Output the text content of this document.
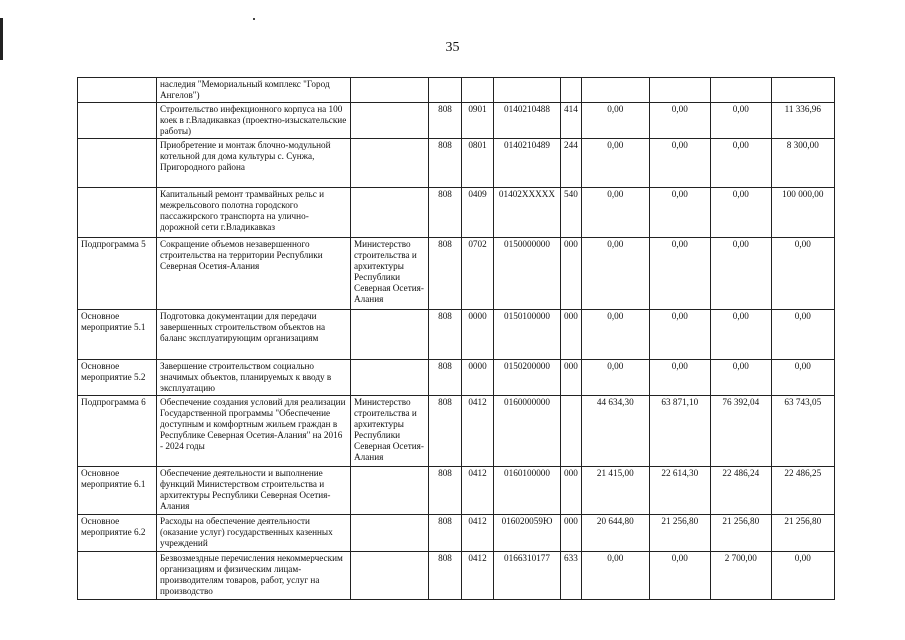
35
	наследия "Мемориальный комплекс "Город Ангелов")									
	Строительство инфекционного корпуса на 100 коек в г.Владикавказ (проектно-изыскательские работы)		808	0901	0140210488	414	0,00	0,00	0,00	11 336,96
	Приобретение и монтаж блочно-модульной котельной для дома культуры с. Сунжа, Пригородного района		808	0801	0140210489	244	0,00	0,00	0,00	8 300,00
	Капитальный ремонт трамвайных рельс и межрельсового полотна городского пассажирского транспорта на улично-дорожной сети г.Владикавказ		808	0409	01402XXXXX	540	0,00	0,00	0,00	100 000,00
Подпрограмма 5	Сокращение объемов незавершенного строительства на территории Республики Северная Осетия-Алания	Министерство строительства и архитектуры Республики Северная Осетия-Алания	808	0702	0150000000	000	0,00	0,00	0,00	0,00
Основное мероприятие 5.1	Подготовка документации для передачи завершенных строительством объектов на баланс эксплуатирующим организациям		808	0000	0150100000	000	0,00	0,00	0,00	0,00
Основное мероприятие 5.2	Завершение строительством социально значимых объектов, планируемых к вводу в эксплуатацию		808	0000	0150200000	000	0,00	0,00	0,00	0,00
Подпрограмма 6	Обеспечение создания условий для реализации Государственной программы "Обеспечение доступным и комфортным жильем граждан в Республике Северная Осетия-Алания" на 2016 - 2024 годы	Министерство строительства и архитектуры Республики Северная Осетия-Алания	808	0412	0160000000		44 634,30	63 871,10	76 392,04	63 743,05
Основное мероприятие 6.1	Обеспечение деятельности и выполнение функций Министерством строительства и архитектуры Республики Северная Осетия-Алания		808	0412	0160100000	000	21 415,00	22 614,30	22 486,24	22 486,25
Основное мероприятие 6.2	Расходы на обеспечение деятельности (оказание услуг) государственных казенных учреждений		808	0412	016020059Ю	000	20 644,80	21 256,80	21 256,80	21 256,80
	Безвозмездные перечисления некоммерческим организациям и физическим лицам-производителям товаров, работ, услуг на производство		808	0412	0166310177	633	0,00	0,00	2 700,00	0,00
